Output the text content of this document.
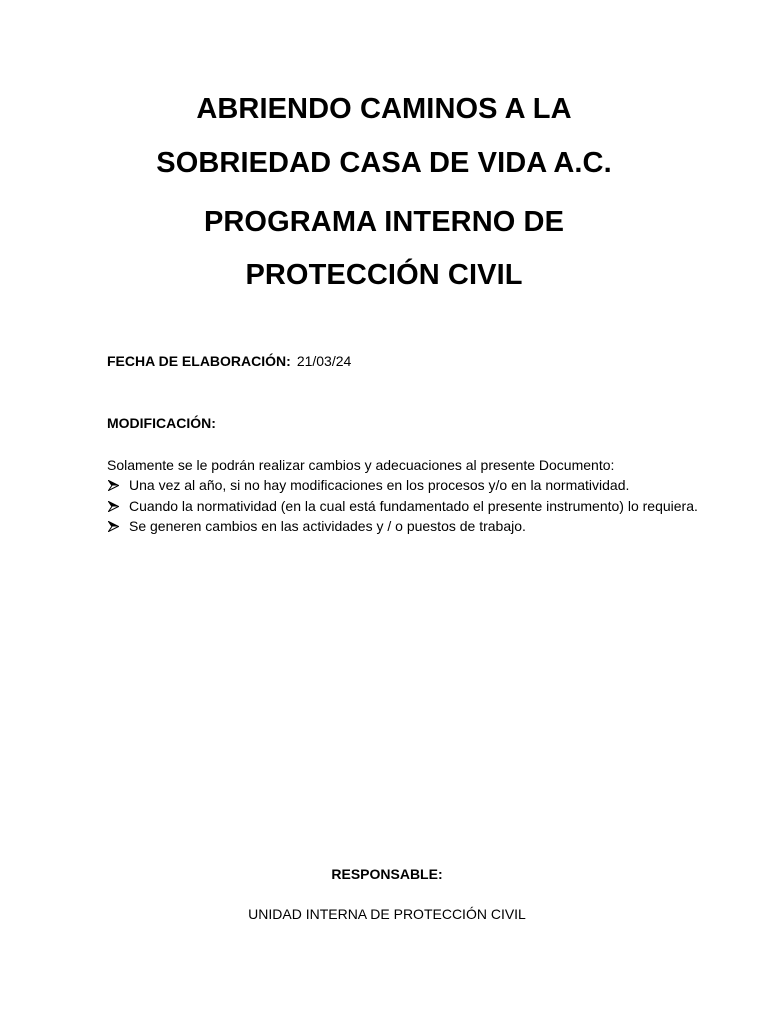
ABRIENDO CAMINOS A LA
SOBRIEDAD CASA DE VIDA A.C.
PROGRAMA INTERNO DE
PROTECCIÓN CIVIL
FECHA DE ELABORACIÓN: 21/03/24
MODIFICACIÓN:
Solamente se le podrán realizar cambios y adecuaciones al presente Documento:
Una vez al año, si no hay modificaciones en los procesos y/o en la normatividad.
Cuando la normatividad (en la cual está fundamentado el presente instrumento) lo requiera.
Se generen cambios en las actividades y / o puestos de trabajo.
RESPONSABLE:
UNIDAD INTERNA DE PROTECCIÓN CIVIL
